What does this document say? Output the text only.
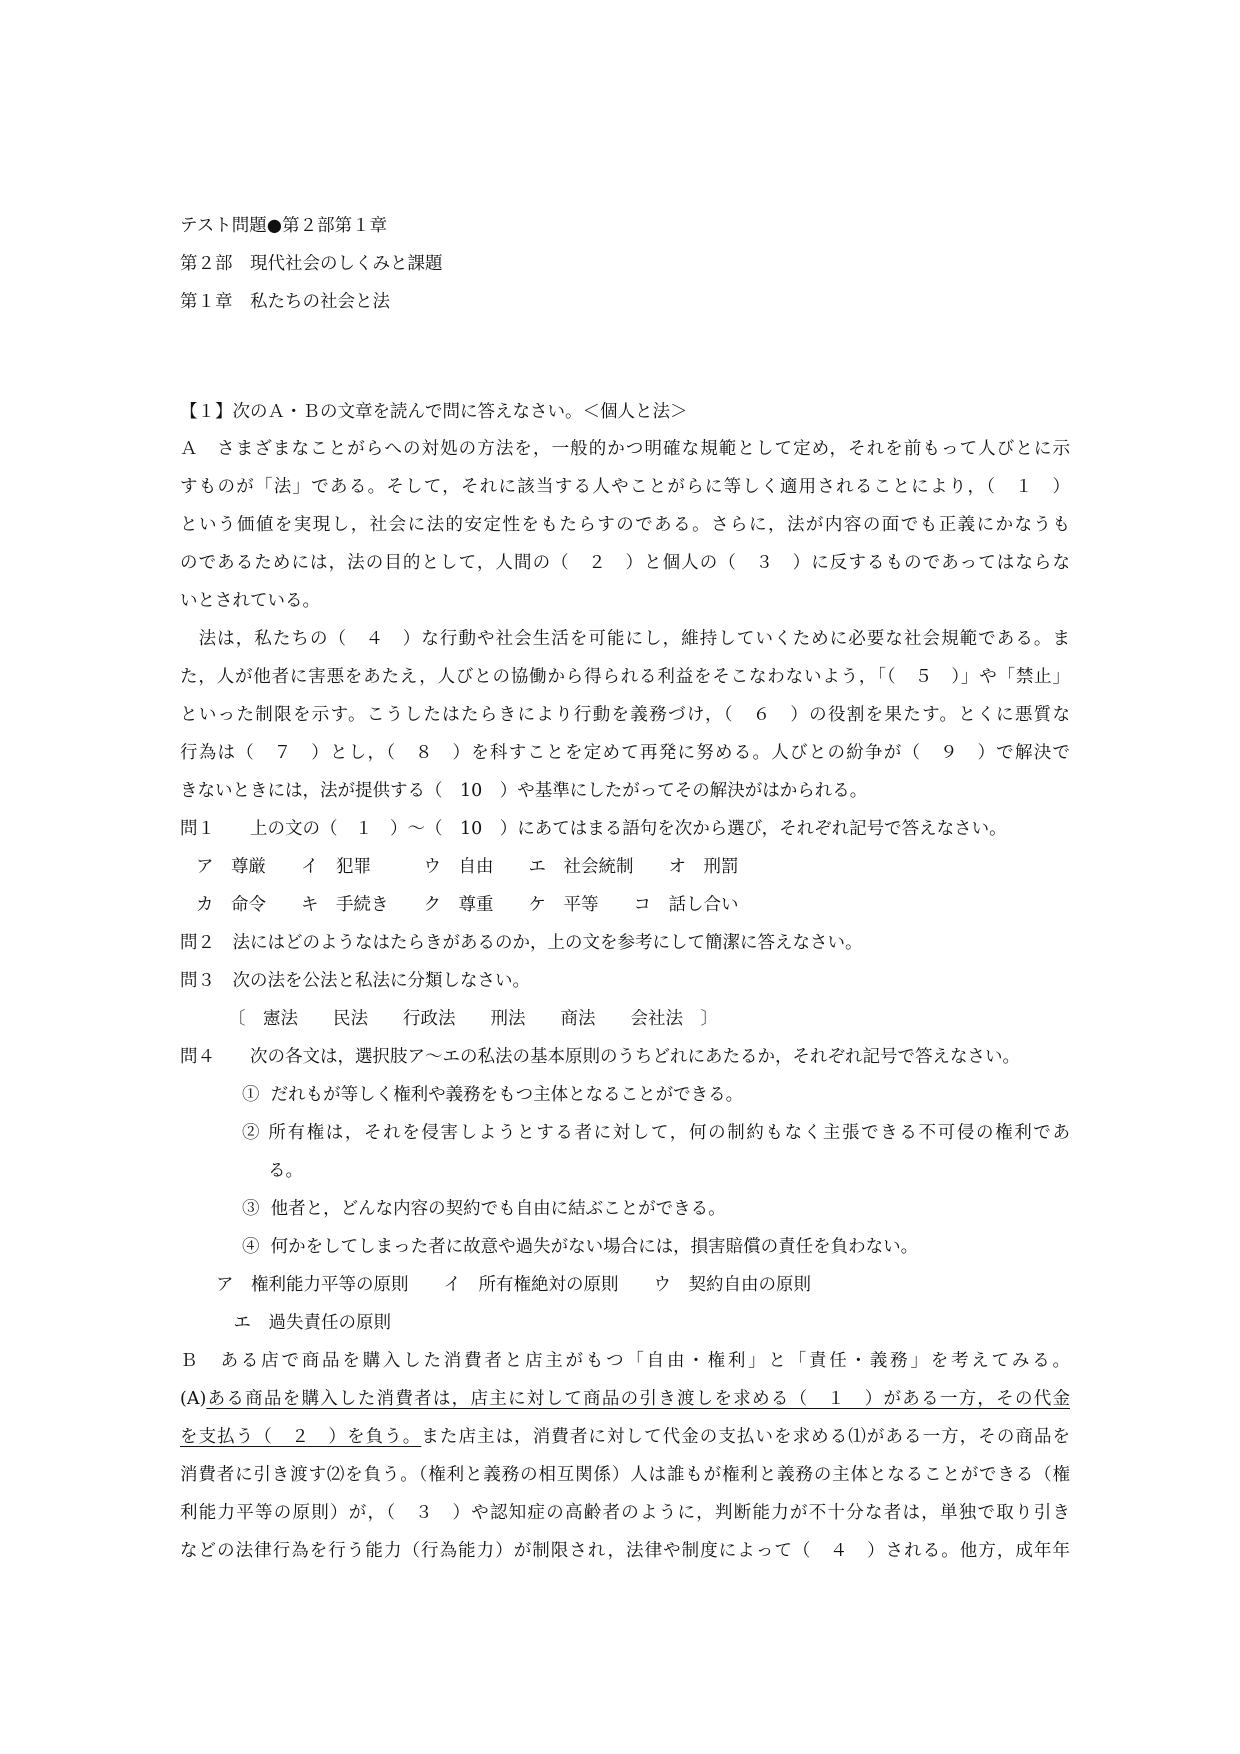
テスト問題●第２部第１章
第２部　現代社会のしくみと課題
第１章　私たちの社会と法
【１】次のＡ・Ｂの文章を読んで問に答えなさい。＜個人と法＞
Ａ　さまざまなことがらへの対処の方法を，一般的かつ明確な規範として定め，それを前もって人びとに示
すものが「法」である。そして，それに該当する人やことがらに等しく適用されることにより，（　１　）
という価値を実現し，社会に法的安定性をもたらすのである。さらに，法が内容の面でも正義にかなうも
のであるためには，法の目的として，人間の（　２　）と個人の（　３　）に反するものであってはならな
いとされている。
　法は，私たちの（　４　）な行動や社会生活を可能にし，維持していくために必要な社会規範である。ま
た，人が他者に害悪をあたえ，人びとの協働から得られる利益をそこなわないよう，「（　５　）」や「禁止」
といった制限を示す。こうしたはたらきにより行動を義務づけ，（　６　）の役割を果たす。とくに悪質な
行為は（　７　）とし，（　８　）を科すことを定めて再発に努める。人びとの紛争が（　９　）で解決で
きないときには，法が提供する（　10　）や基準にしたがってその解決がはかられる。
問１　　上の文の（　１　）～（　10　）にあてはまる語句を次から選び，それぞれ記号で答えなさい。
ア　尊厳　　イ　犯罪　　　ウ　自由　　エ　社会統制　　オ　刑罰
カ　命令　　キ　手続き　　ク　尊重　　ケ　平等　　コ　話し合い
問２　法にはどのようなはたらきがあるのか，上の文を参考にして簡潔に答えなさい。
問３　次の法を公法と私法に分類しなさい。
〔　憲法　　民法　　行政法　　刑法　　商法　　会社法　〕
問４　　次の各文は，選択肢ア～エの私法の基本原則のうちどれにあたるか，それぞれ記号で答えなさい。
①  だれもが等しく権利や義務をもつ主体となることができる。
② 所有権は，それを侵害しようとする者に対して，何の制約もなく主張できる不可侵の権利であ
る。
③  他者と，どんな内容の契約でも自由に結ぶことができる。
④  何かをしてしまった者に故意や過失がない場合には，損害賠償の責任を負わない。
ア　権利能力平等の原則　　イ　所有権絶対の原則　　ウ　契約自由の原則
　エ　過失責任の原則
Ｂ　ある店で商品を購入した消費者と店主がもつ「自由・権利」と「責任・義務」を考えてみる。
(A)ある商品を購入した消費者は，店主に対して商品の引き渡しを求める（　１　）がある一方，その代金
を支払う（　２　）を負う。また店主は，消費者に対して代金の支払いを求める⑴がある一方，その商品を
消費者に引き渡す⑵を負う。（権利と義務の相互関係）人は誰もが権利と義務の主体となることができる（権
利能力平等の原則）が，（　３　）や認知症の高齢者のように，判断能力が不十分な者は，単独で取り引き
などの法律行為を行う能力（行為能力）が制限され，法律や制度によって（　４　）される。他方，成年年
